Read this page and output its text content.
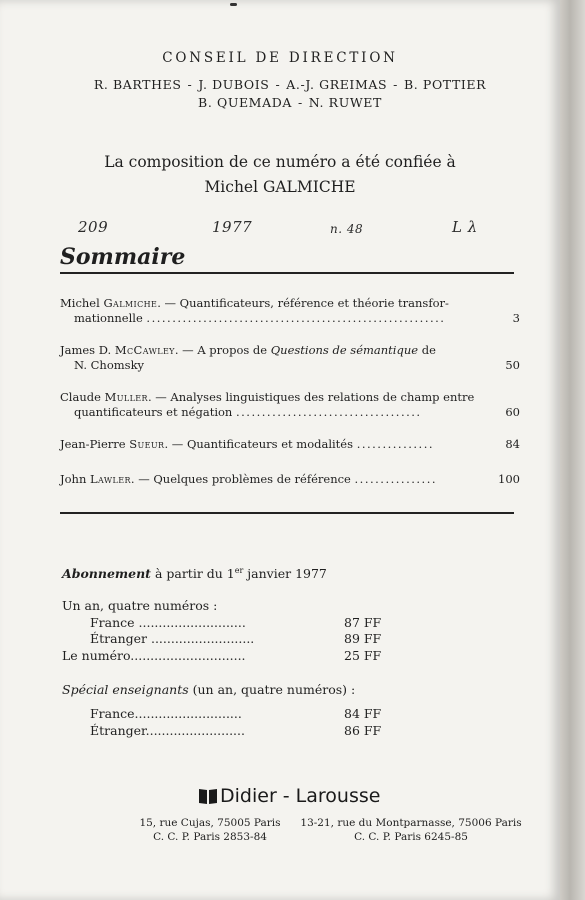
CONSEIL DE DIRECTION
R. BARTHES - J. DUBOIS - A.-J. GREIMAS - B. POTTIER
B. QUEMADA - N. RUWET
La composition de ce numéro a été confiée à
Michel GALMICHE
209	1977	n. 48	L λ
Sommaire
Michel Galmiche. — Quantificateurs, référence et théorie transfor-
mationnelle ..........................................................	3
James D. McCawley. — A propos de Questions de sémantique de
N. Chomsky	50
Claude Muller. — Analyses linguistiques des relations de champ entre
quantificateurs et négation ....................................	60
Jean-Pierre Sueur. — Quantificateurs et modalités ...............	84
John Lawler. — Quelques problèmes de référence ................	100
Abonnement à partir du 1er janvier 1977
Un an, quatre numéros :
France ...........................	87 FF
Étranger ..........................	89 FF
Le numéro.............................	25 FF
Spécial enseignants (un an, quatre numéros) :
France...........................	84 FF
Étranger.........................	86 FF
Didier - Larousse
15, rue Cujas, 75005 Paris
C. C. P. Paris 2853-84
13-21, rue du Montparnasse, 75006 Paris
C. C. P. Paris 6245-85
